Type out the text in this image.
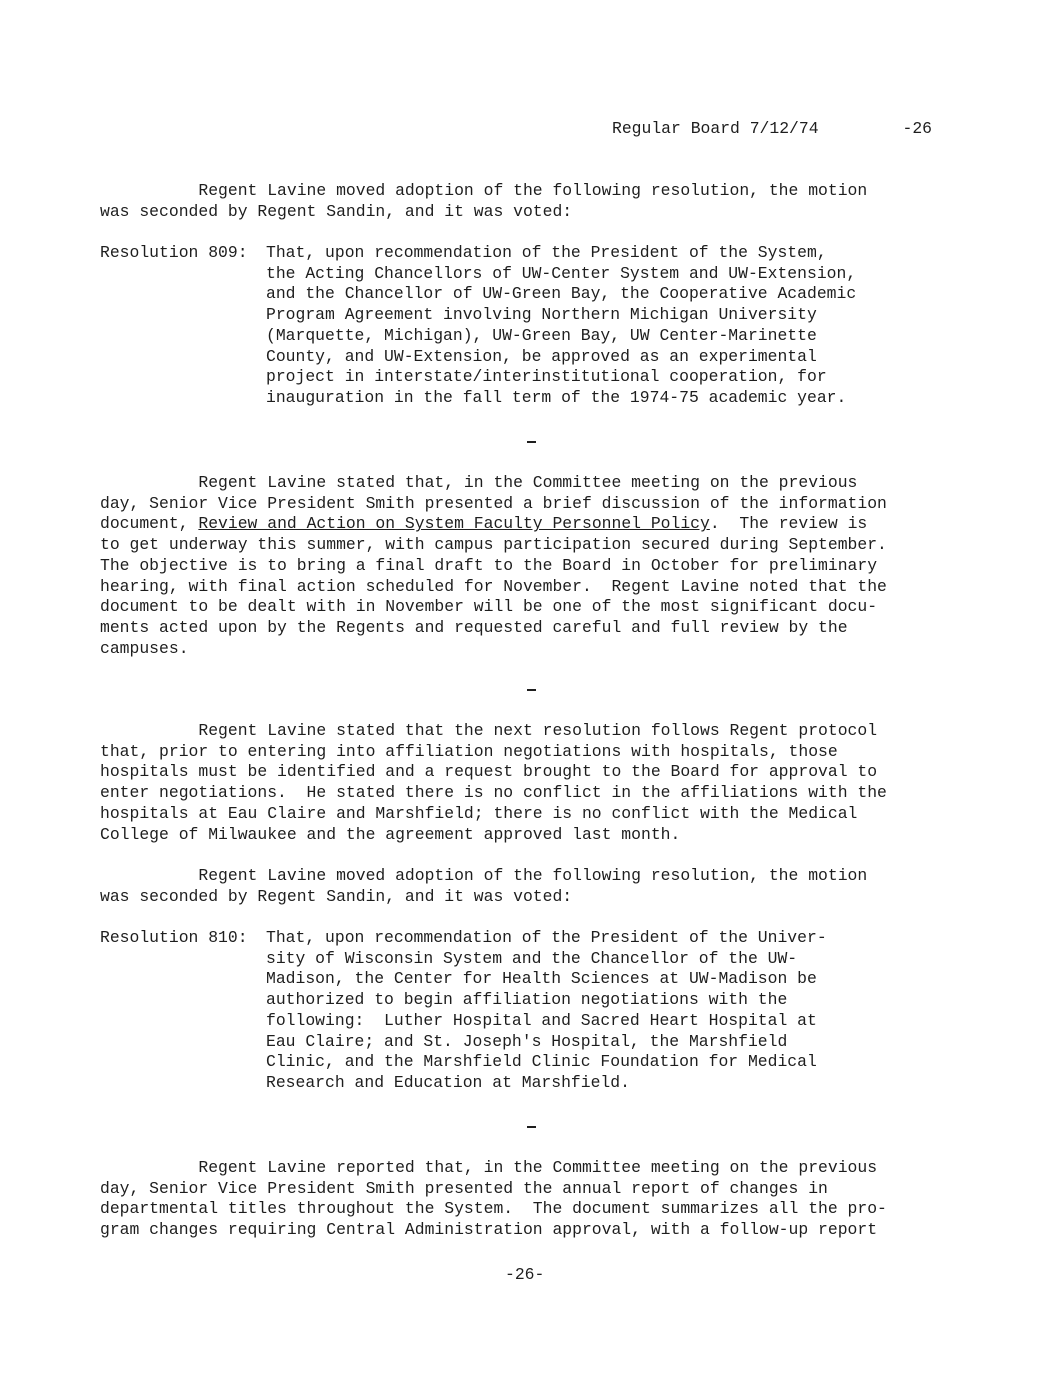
Regular Board 7/12/74	-26

Regent Lavine moved adoption of the following resolution, the motion
was seconded by Regent Sandin, and it was voted:

Resolution 809:	That, upon recommendation of the President of the System,
the Acting Chancellors of UW-Center System and UW-Extension,
and the Chancellor of UW-Green Bay, the Cooperative Academic
Program Agreement involving Northern Michigan University
(Marquette, Michigan), UW-Green Bay, UW Center-Marinette
County, and UW-Extension, be approved as an experimental
project in interstate/interinstitutional cooperation, for
inauguration in the fall term of the 1974-75 academic year.

Regent Lavine stated that, in the Committee meeting on the previous
day, Senior Vice President Smith presented a brief discussion of the information
document, Review and Action on System Faculty Personnel Policy.  The review is
to get underway this summer, with campus participation secured during September.
The objective is to bring a final draft to the Board in October for preliminary
hearing, with final action scheduled for November.  Regent Lavine noted that the
document to be dealt with in November will be one of the most significant docu-
ments acted upon by the Regents and requested careful and full review by the
campuses.

Regent Lavine stated that the next resolution follows Regent protocol
that, prior to entering into affiliation negotiations with hospitals, those
hospitals must be identified and a request brought to the Board for approval to
enter negotiations.  He stated there is no conflict in the affiliations with the
hospitals at Eau Claire and Marshfield; there is no conflict with the Medical
College of Milwaukee and the agreement approved last month.

Regent Lavine moved adoption of the following resolution, the motion
was seconded by Regent Sandin, and it was voted:

Resolution 810:	That, upon recommendation of the President of the Univer-
sity of Wisconsin System and the Chancellor of the UW-
Madison, the Center for Health Sciences at UW-Madison be
authorized to begin affiliation negotiations with the
following:  Luther Hospital and Sacred Heart Hospital at
Eau Claire; and St. Joseph's Hospital, the Marshfield
Clinic, and the Marshfield Clinic Foundation for Medical
Research and Education at Marshfield.

Regent Lavine reported that, in the Committee meeting on the previous
day, Senior Vice President Smith presented the annual report of changes in
departmental titles throughout the System.  The document summarizes all the pro-
gram changes requiring Central Administration approval, with a follow-up report

-26-
